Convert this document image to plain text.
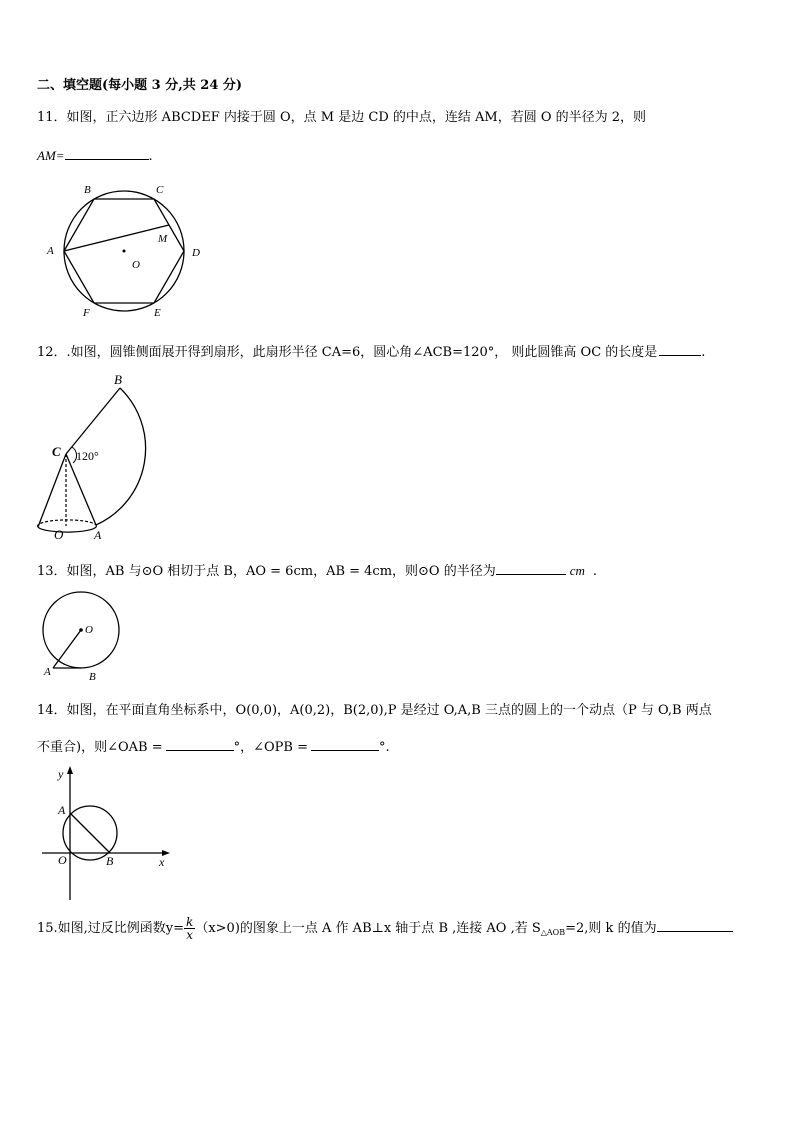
二、填空题(每小题 3 分,共 24 分)
11．如图，正六边形 ABCDEF 内接于圆 O，点 M 是边 CD 的中点，连结 AM，若圆 O 的半径为 2，则
AM=	.
B	C
A	D
M
O
F	E
12．.如图，圆锥侧面展开得到扇形，此扇形半径 CA=6，圆心角∠ACB=120°， 则此圆锥高 OC 的长度是	.
B
C 120°
O	A
13．如图，AB 与⊙O 相切于点 B，AO = 6cm，AB = 4cm，则⊙O 的半径为	cm .
O
A	B
14．如图，在平面直角坐标系中，O(0,0)，A(0,2)，B(2,0),P 是经过 O,A,B 三点的圆上的一个动点（P 与 O,B 两点
不重合)，则∠OAB =	°，∠OPB =	°.
y
A
O	B	x
15.如图,过反比例函数$y= \frac{k}{x} (x>0)$的图象上一点 A 作 AB⊥x 轴于点 B ,连接 AO ,若 $S_{\triangle AOB}=2$,则 k 的值为
